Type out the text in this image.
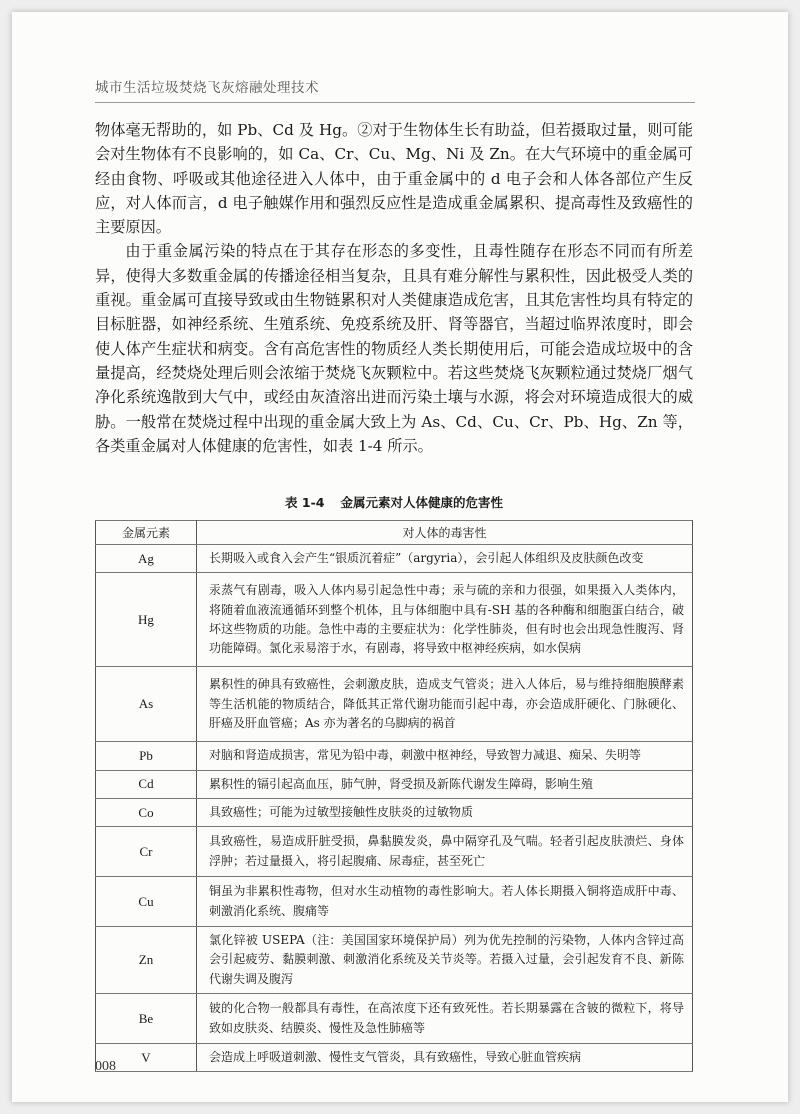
城市生活垃圾焚烧飞灰熔融处理技术

物体毫无帮助的，如 Pb、Cd 及 Hg。②对于生物体生长有助益，但若摄取过量，则可能会对生物体有不良影响的，如 Ca、Cr、Cu、Mg、Ni 及 Zn。在大气环境中的重金属可经由食物、呼吸或其他途径进入人体中，由于重金属中的 d 电子会和人体各部位产生反应，对人体而言，d 电子触媒作用和强烈反应性是造成重金属累积、提高毒性及致癌性的主要原因。

由于重金属污染的特点在于其存在形态的多变性，且毒性随存在形态不同而有所差异，使得大多数重金属的传播途径相当复杂，且具有难分解性与累积性，因此极受人类的重视。重金属可直接导致或由生物链累积对人类健康造成危害，且其危害性均具有特定的目标脏器，如神经系统、生殖系统、免疫系统及肝、肾等器官，当超过临界浓度时，即会使人体产生症状和病变。含有高危害性的物质经人类长期使用后，可能会造成垃圾中的含量提高，经焚烧处理后则会浓缩于焚烧飞灰颗粒中。若这些焚烧飞灰颗粒通过焚烧厂烟气净化系统逸散到大气中，或经由灰渣溶出进而污染土壤与水源，将会对环境造成很大的威胁。一般常在焚烧过程中出现的重金属大致上为 As、Cd、Cu、Cr、Pb、Hg、Zn 等，各类重金属对人体健康的危害性，如表 1-4 所示。

表 1-4 金属元素对人体健康的危害性
金属元素	对人体的毒害性
Ag	长期吸入或食入会产生“银质沉着症”（argyria），会引起人体组织及皮肤颜色改变
Hg	汞蒸气有剧毒，吸入人体内易引起急性中毒；汞与硫的亲和力很强，如果摄入人类体内，将随着血液流通循环到整个机体，且与体细胞中具有-SH 基的各种酶和细胞蛋白结合，破坏这些物质的功能。急性中毒的主要症状为：化学性肺炎，但有时也会出现急性腹泻、肾功能障碍。氯化汞易溶于水，有剧毒，将导致中枢神经疾病，如水俣病
As	累积性的砷具有致癌性，会刺激皮肤，造成支气管炎；进入人体后，易与维持细胞膜酵素等生活机能的物质结合，降低其正常代谢功能而引起中毒，亦会造成肝硬化、门脉硬化、肝癌及肝血管癌；As 亦为著名的乌脚病的祸首
Pb	对脑和肾造成损害，常见为铅中毒，刺激中枢神经，导致智力减退、痴呆、失明等
Cd	累积性的镉引起高血压，肺气肿，肾受损及新陈代谢发生障碍，影响生殖
Co	具致癌性；可能为过敏型接触性皮肤炎的过敏物质
Cr	具致癌性，易造成肝脏受损，鼻黏膜发炎，鼻中隔穿孔及气喘。轻者引起皮肤溃烂、身体浮肿；若过量摄入，将引起腹痛、尿毒症，甚至死亡
Cu	铜虽为非累积性毒物，但对水生动植物的毒性影响大。若人体长期摄入铜将造成肝中毒、刺激消化系统、腹痛等
Zn	氯化锌被 USEPA（注：美国国家环境保护局）列为优先控制的污染物，人体内含锌过高会引起疲劳、黏膜刺激、刺激消化系统及关节炎等。若摄入过量，会引起发育不良、新陈代谢失调及腹泻
Be	铍的化合物一般都具有毒性，在高浓度下还有致死性。若长期暴露在含铍的微粒下，将导致如皮肤炎、结膜炎、慢性及急性肺癌等
V	会造成上呼吸道刺激、慢性支气管炎，具有致癌性，导致心脏血管疾病
008
